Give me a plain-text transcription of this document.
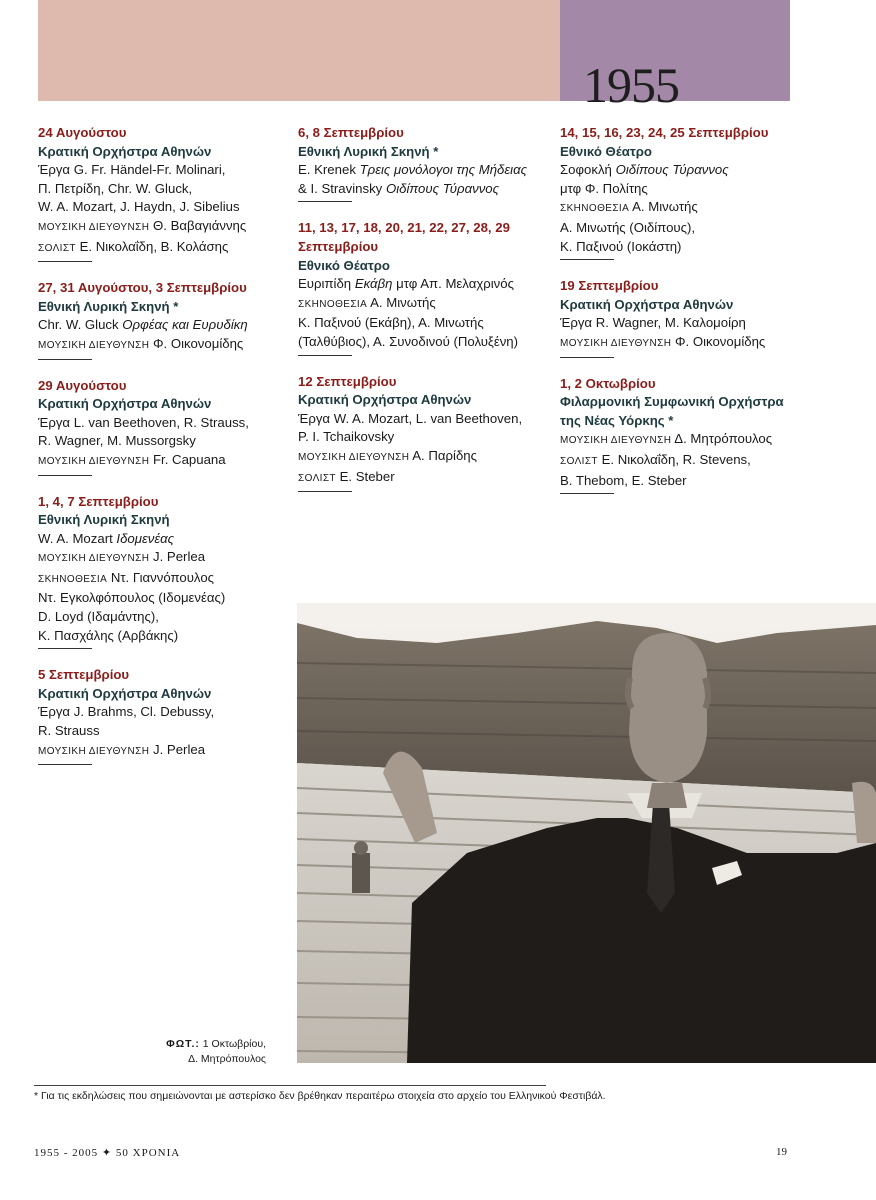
1955
24 Αυγούστου
Κρατική Ορχήστρα Αθηνών
Έργα G. Fr. Händel-Fr. Molinari,
Π. Πετρίδη, Chr. W. Gluck,
W. A. Mozart, J. Haydn, J. Sibelius
ΜΟΥΣΙΚΗ ΔΙΕΥΘΥΝΣΗ Θ. Βαβαγιάννης
ΣΟΛΙΣΤ Ε. Νικολαΐδη, Β. Κολάσης
27, 31 Αυγούστου, 3 Σεπτεμβρίου
Εθνική Λυρική Σκηνή *
Chr. W. Gluck Ορφέας και Ευρυδίκη
ΜΟΥΣΙΚΗ ΔΙΕΥΘΥΝΣΗ Φ. Οικονομίδης
29 Αυγούστου
Κρατική Ορχήστρα Αθηνών
Έργα L. van Beethoven, R. Strauss,
R. Wagner, M. Mussorgsky
ΜΟΥΣΙΚΗ ΔΙΕΥΘΥΝΣΗ Fr. Capuana
1, 4, 7 Σεπτεμβρίου
Εθνική Λυρική Σκηνή
W. A. Mozart Ιδομενέας
ΜΟΥΣΙΚΗ ΔΙΕΥΘΥΝΣΗ J. Perlea
ΣΚΗΝΟΘΕΣΙΑ Ντ. Γιαννόπουλος
Ντ. Εγκολφόπουλος (Ιδομενέας)
D. Loyd (Ιδαμάντης),
Κ. Πασχάλης (Αρβάκης)
5 Σεπτεμβρίου
Κρατική Ορχήστρα Αθηνών
Έργα J. Brahms, Cl. Debussy,
R. Strauss
ΜΟΥΣΙΚΗ ΔΙΕΥΘΥΝΣΗ J. Perlea
6, 8 Σεπτεμβρίου
Εθνική Λυρική Σκηνή *
E. Krenek Τρεις μονόλογοι της Μήδειας
& I. Stravinsky Οιδίπους Τύραννος
11, 13, 17, 18, 20, 21, 22, 27, 28, 29
Σεπτεμβρίου
Εθνικό Θέατρο
Ευριπίδη Εκάβη μτφ Απ. Μελαχρινός
ΣΚΗΝΟΘΕΣΙΑ Α. Μινωτής
Κ. Παξινού (Εκάβη), Α. Μινωτής
(Ταλθύβιος), Α. Συνοδινού (Πολυξένη)
12 Σεπτεμβρίου
Κρατική Ορχήστρα Αθηνών
Έργα W. A. Mozart, L. van Beethoven,
P. I. Tchaikovsky
ΜΟΥΣΙΚΗ ΔΙΕΥΘΥΝΣΗ Α. Παρίδης
ΣΟΛΙΣΤ E. Steber
14, 15, 16, 23, 24, 25 Σεπτεμβρίου
Εθνικό Θέατρο
Σοφοκλή Οιδίπους Τύραννος
μτφ Φ. Πολίτης
ΣΚΗΝΟΘΕΣΙΑ Α. Μινωτής
Α. Μινωτής (Οιδίπους),
Κ. Παξινού (Ιοκάστη)
19 Σεπτεμβρίου
Κρατική Ορχήστρα Αθηνών
Έργα R. Wagner, Μ. Καλομοίρη
ΜΟΥΣΙΚΗ ΔΙΕΥΘΥΝΣΗ Φ. Οικονομίδης
1, 2 Οκτωβρίου
Φιλαρμονική Συμφωνική Ορχήστρα
της Νέας Υόρκης *
ΜΟΥΣΙΚΗ ΔΙΕΥΘΥΝΣΗ Δ. Μητρόπουλος
ΣΟΛΙΣΤ Ε. Νικολαΐδη, R. Stevens,
B. Thebom, E. Steber
ΦΩΤ.: 1 Οκτωβρίου,
Δ. Μητρόπουλος
* Για τις εκδηλώσεις που σημειώνονται με αστερίσκο δεν βρέθηκαν περαιτέρω στοιχεία στο αρχείο του Ελληνικού Φεστιβάλ.
1955 - 2005 ✦ 50 ΧΡΟΝΙΑ	19
